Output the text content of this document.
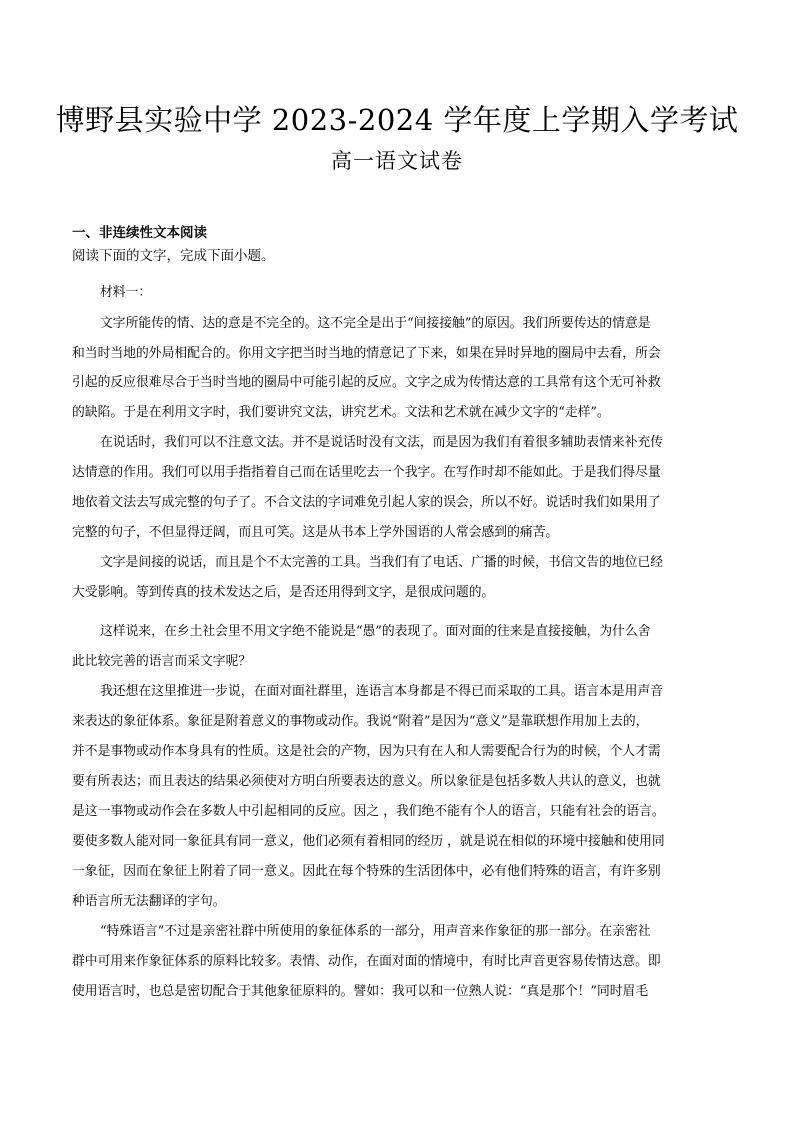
博野县实验中学 2023-2024 学年度上学期入学考试
高一语文试卷
一、非连续性文本阅读
阅读下面的文字，完成下面小题。
材料一：
文字所能传的情、达的意是不完全的。这不完全是出于“间接接触”的原因。我们所要传达的情意是
和当时当地的外局相配合的。你用文字把当时当地的情意记了下来，如果在异时异地的圈局中去看，所会
引起的反应很难尽合于当时当地的圈局中可能引起的反应。文字之成为传情达意的工具常有这个无可补救
的缺陷。于是在利用文字时，我们要讲究文法，讲究艺术。文法和艺术就在减少文字的“走样”。
在说话时，我们可以不注意文法。并不是说话时没有文法，而是因为我们有着很多辅助表情来补充传
达情意的作用。我们可以用手指指着自己而在话里吃去一个我字。在写作时却不能如此。于是我们得尽量
地依着文法去写成完整的句子了。不合文法的字词难免引起人家的误会，所以不好。说话时我们如果用了
完整的句子，不但显得迂阔，而且可笑。这是从书本上学外国语的人常会感到的痛苦。
文字是间接的说话，而且是个不太完善的工具。当我们有了电话、广播的时候，书信文告的地位已经
大受影响。等到传真的技术发达之后，是否还用得到文字，是很成问题的。
这样说来，在乡土社会里不用文字绝不能说是“愚”的表现了。面对面的往来是直接接触，为什么舍
此比较完善的语言而采文字呢？
我还想在这里推进一步说，在面对面社群里，连语言本身都是不得已而采取的工具。语言本是用声音
来表达的象征体系。象征是附着意义的事物或动作。我说“附着”是因为“意义”是靠联想作用加上去的，
并不是事物或动作本身具有的性质。这是社会的产物，因为只有在人和人需要配合行为的时候，个人才需
要有所表达；而且表达的结果必须使对方明白所要表达的意义。所以象征是包括多数人共认的意义，也就
是这一事物或动作会在多数人中引起相同的反应。因之 ，我们绝不能有个人的语言，只能有社会的语言。
要使多数人能对同一象征具有同一意义，他们必须有着相同的经历 ，就是说在相似的环境中接触和使用同
一象征，因而在象征上附着了同一意义。因此在每个特殊的生活团体中，必有他们特殊的语言，有许多别
种语言所无法翻译的字句。
“特殊语言”不过是亲密社群中所使用的象征体系的一部分，用声音来作象征的那一部分。在亲密社
群中可用来作象征体系的原料比较多。表情、动作，在面对面的情境中，有时比声音更容易传情达意。即
使用语言时，也总是密切配合于其他象征原料的。譬如：我可以和一位熟人说：“真是那个！”同时眉毛
